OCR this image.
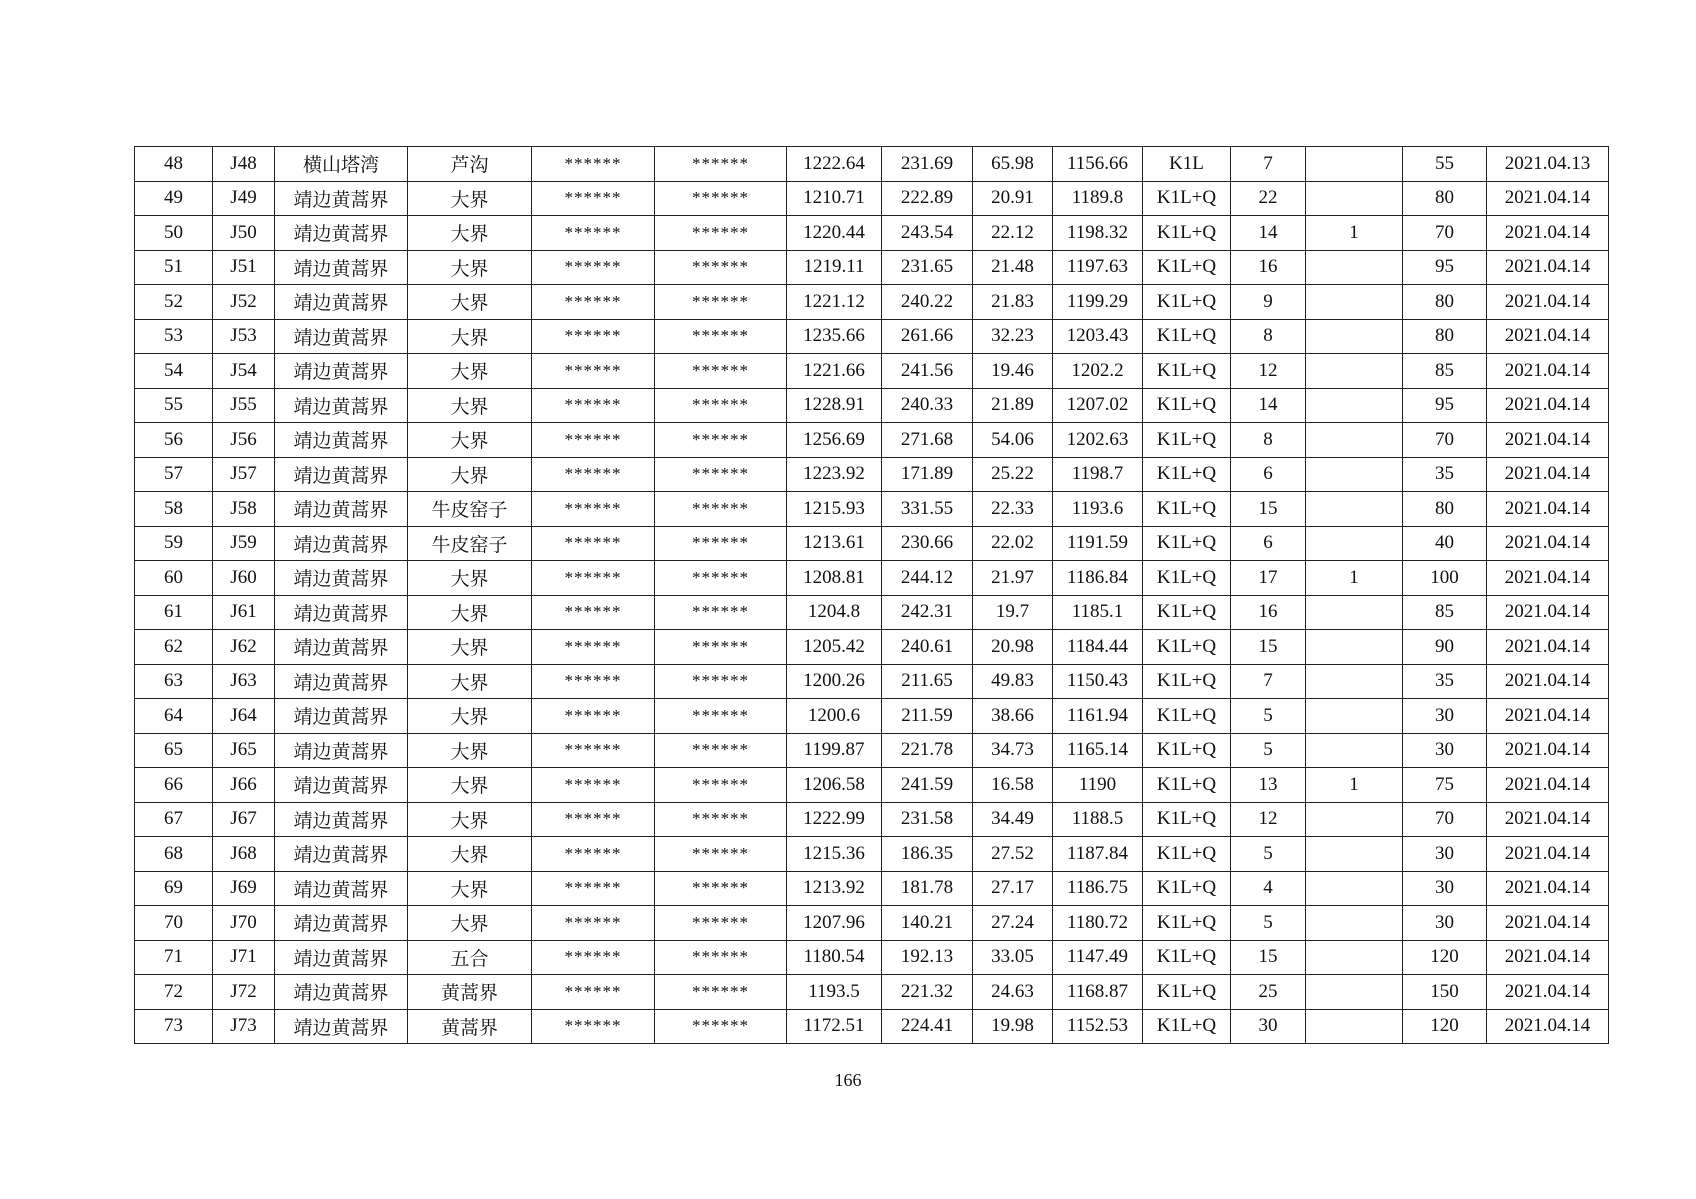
48	J48	横山塔湾	芦沟	******	******	1222.64	231.69	65.98	1156.66	K1L	7		55	2021.04.13
49	J49	靖边黄蒿界	大界	******	******	1210.71	222.89	20.91	1189.8	K1L+Q	22		80	2021.04.14
50	J50	靖边黄蒿界	大界	******	******	1220.44	243.54	22.12	1198.32	K1L+Q	14	1	70	2021.04.14
51	J51	靖边黄蒿界	大界	******	******	1219.11	231.65	21.48	1197.63	K1L+Q	16		95	2021.04.14
52	J52	靖边黄蒿界	大界	******	******	1221.12	240.22	21.83	1199.29	K1L+Q	9		80	2021.04.14
53	J53	靖边黄蒿界	大界	******	******	1235.66	261.66	32.23	1203.43	K1L+Q	8		80	2021.04.14
54	J54	靖边黄蒿界	大界	******	******	1221.66	241.56	19.46	1202.2	K1L+Q	12		85	2021.04.14
55	J55	靖边黄蒿界	大界	******	******	1228.91	240.33	21.89	1207.02	K1L+Q	14		95	2021.04.14
56	J56	靖边黄蒿界	大界	******	******	1256.69	271.68	54.06	1202.63	K1L+Q	8		70	2021.04.14
57	J57	靖边黄蒿界	大界	******	******	1223.92	171.89	25.22	1198.7	K1L+Q	6		35	2021.04.14
58	J58	靖边黄蒿界	牛皮窑子	******	******	1215.93	331.55	22.33	1193.6	K1L+Q	15		80	2021.04.14
59	J59	靖边黄蒿界	牛皮窑子	******	******	1213.61	230.66	22.02	1191.59	K1L+Q	6		40	2021.04.14
60	J60	靖边黄蒿界	大界	******	******	1208.81	244.12	21.97	1186.84	K1L+Q	17	1	100	2021.04.14
61	J61	靖边黄蒿界	大界	******	******	1204.8	242.31	19.7	1185.1	K1L+Q	16		85	2021.04.14
62	J62	靖边黄蒿界	大界	******	******	1205.42	240.61	20.98	1184.44	K1L+Q	15		90	2021.04.14
63	J63	靖边黄蒿界	大界	******	******	1200.26	211.65	49.83	1150.43	K1L+Q	7		35	2021.04.14
64	J64	靖边黄蒿界	大界	******	******	1200.6	211.59	38.66	1161.94	K1L+Q	5		30	2021.04.14
65	J65	靖边黄蒿界	大界	******	******	1199.87	221.78	34.73	1165.14	K1L+Q	5		30	2021.04.14
66	J66	靖边黄蒿界	大界	******	******	1206.58	241.59	16.58	1190	K1L+Q	13	1	75	2021.04.14
67	J67	靖边黄蒿界	大界	******	******	1222.99	231.58	34.49	1188.5	K1L+Q	12		70	2021.04.14
68	J68	靖边黄蒿界	大界	******	******	1215.36	186.35	27.52	1187.84	K1L+Q	5		30	2021.04.14
69	J69	靖边黄蒿界	大界	******	******	1213.92	181.78	27.17	1186.75	K1L+Q	4		30	2021.04.14
70	J70	靖边黄蒿界	大界	******	******	1207.96	140.21	27.24	1180.72	K1L+Q	5		30	2021.04.14
71	J71	靖边黄蒿界	五合	******	******	1180.54	192.13	33.05	1147.49	K1L+Q	15		120	2021.04.14
72	J72	靖边黄蒿界	黄蒿界	******	******	1193.5	221.32	24.63	1168.87	K1L+Q	25		150	2021.04.14
73	J73	靖边黄蒿界	黄蒿界	******	******	1172.51	224.41	19.98	1152.53	K1L+Q	30		120	2021.04.14
166
